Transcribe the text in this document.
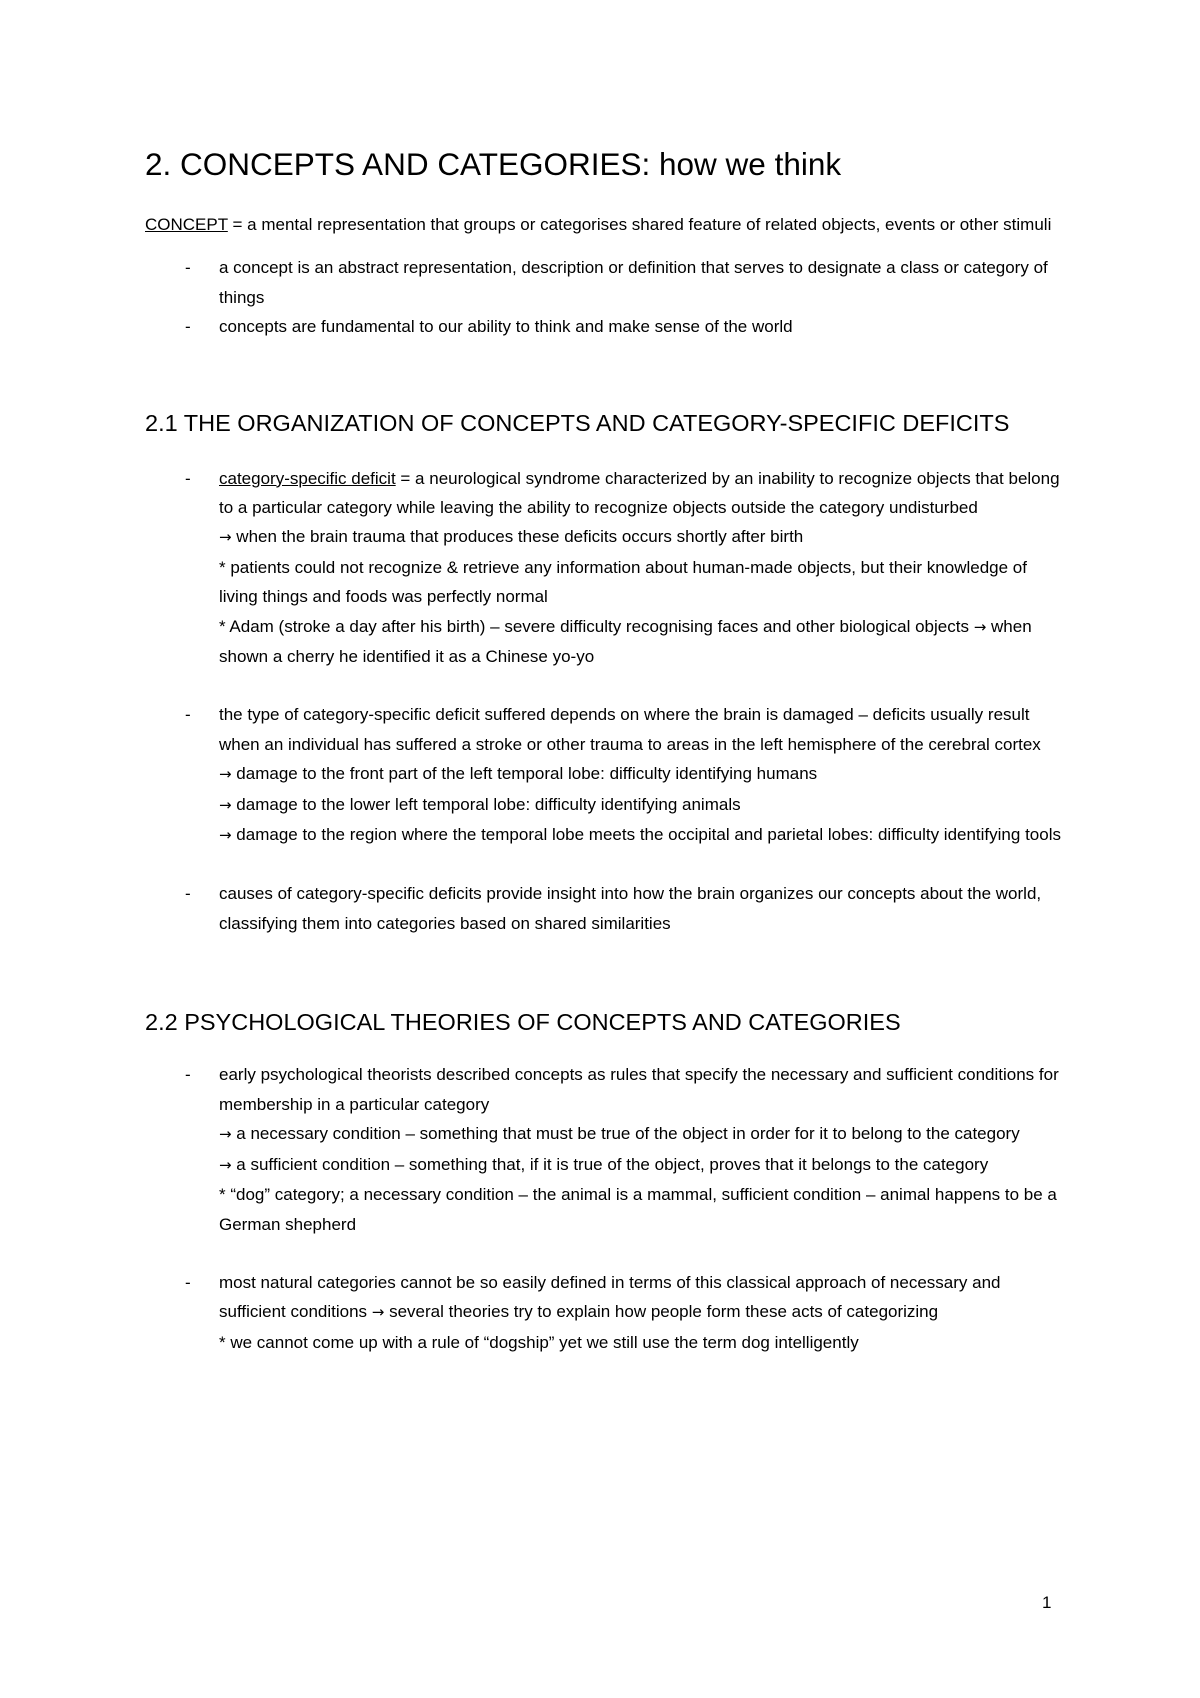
2. CONCEPTS AND CATEGORIES: how we think

CONCEPT = a mental representation that groups or categorises shared feature of related objects, events or other stimuli

- a concept is an abstract representation, description or definition that serves to designate a class or category of things
- concepts are fundamental to our ability to think and make sense of the world
2.1 THE ORGANIZATION OF CONCEPTS AND CATEGORY-SPECIFIC DEFICITS
- category-specific deficit = a neurological syndrome characterized by an inability to recognize objects that belong to a particular category while leaving the ability to recognize objects outside the category undisturbed
→ when the brain trauma that produces these deficits occurs shortly after birth
* patients could not recognize & retrieve any information about human-made objects, but their knowledge of living things and foods was perfectly normal
* Adam (stroke a day after his birth) – severe difficulty recognising faces and other biological objects → when shown a cherry he identified it as a Chinese yo-yo
- the type of category-specific deficit suffered depends on where the brain is damaged – deficits usually result when an individual has suffered a stroke or other trauma to areas in the left hemisphere of the cerebral cortex
→ damage to the front part of the left temporal lobe: difficulty identifying humans
→ damage to the lower left temporal lobe: difficulty identifying animals
→ damage to the region where the temporal lobe meets the occipital and parietal lobes: difficulty identifying tools
- causes of category-specific deficits provide insight into how the brain organizes our concepts about the world, classifying them into categories based on shared similarities
2.2 PSYCHOLOGICAL THEORIES OF CONCEPTS AND CATEGORIES
- early psychological theorists described concepts as rules that specify the necessary and sufficient conditions for membership in a particular category
→ a necessary condition – something that must be true of the object in order for it to belong to the category
→ a sufficient condition – something that, if it is true of the object, proves that it belongs to the category
* “dog” category; a necessary condition – the animal is a mammal, sufficient condition – animal happens to be a German shepherd
- most natural categories cannot be so easily defined in terms of this classical approach of necessary and sufficient conditions → several theories try to explain how people form these acts of categorizing
* we cannot come up with a rule of “dogship” yet we still use the term dog intelligently
1
